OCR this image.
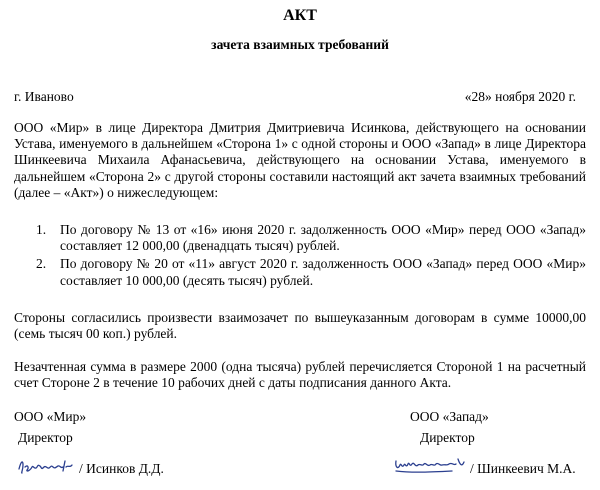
АКТ
зачета взаимных требований
г. Иваново	«28» ноября 2020 г.

ООО «Мир» в лице Директора Дмитрия Дмитриевича Исинкова, действующего на основании Устава, именуемого в дальнейшем «Сторона 1» с одной стороны и ООО «Запад» в лице Директора Шинкеевича Михаила Афанасьевича, действующего на основании Устава, именуемого в дальнейшем «Сторона 2» с другой стороны составили настоящий акт зачета взаимных требований (далее – «Акт») о нижеследующем:

1. По договору № 13 от «16» июня 2020 г. задолженность ООО «Мир» перед ООО «Запад» составляет 12 000,00 (двенадцать тысяч) рублей.
2. По договору № 20 от «11» август 2020 г. задолженность ООО «Запад» перед ООО «Мир» составляет 10 000,00 (десять тысяч) рублей.

Стороны согласились произвести взаимозачет по вышеуказанным договорам в сумме 10000,00 (семь тысяч 00 коп.) рублей.

Незачтенная сумма в размере 2000 (одна тысяча) рублей перечисляется Стороной 1 на расчетный счет Стороне 2 в течение 10 рабочих дней с даты подписания данного Акта.

ООО «Мир»
Директор
ООО «Запад»
Директор
/ Исинков Д.Д.	/ Шинкеевич М.А.
